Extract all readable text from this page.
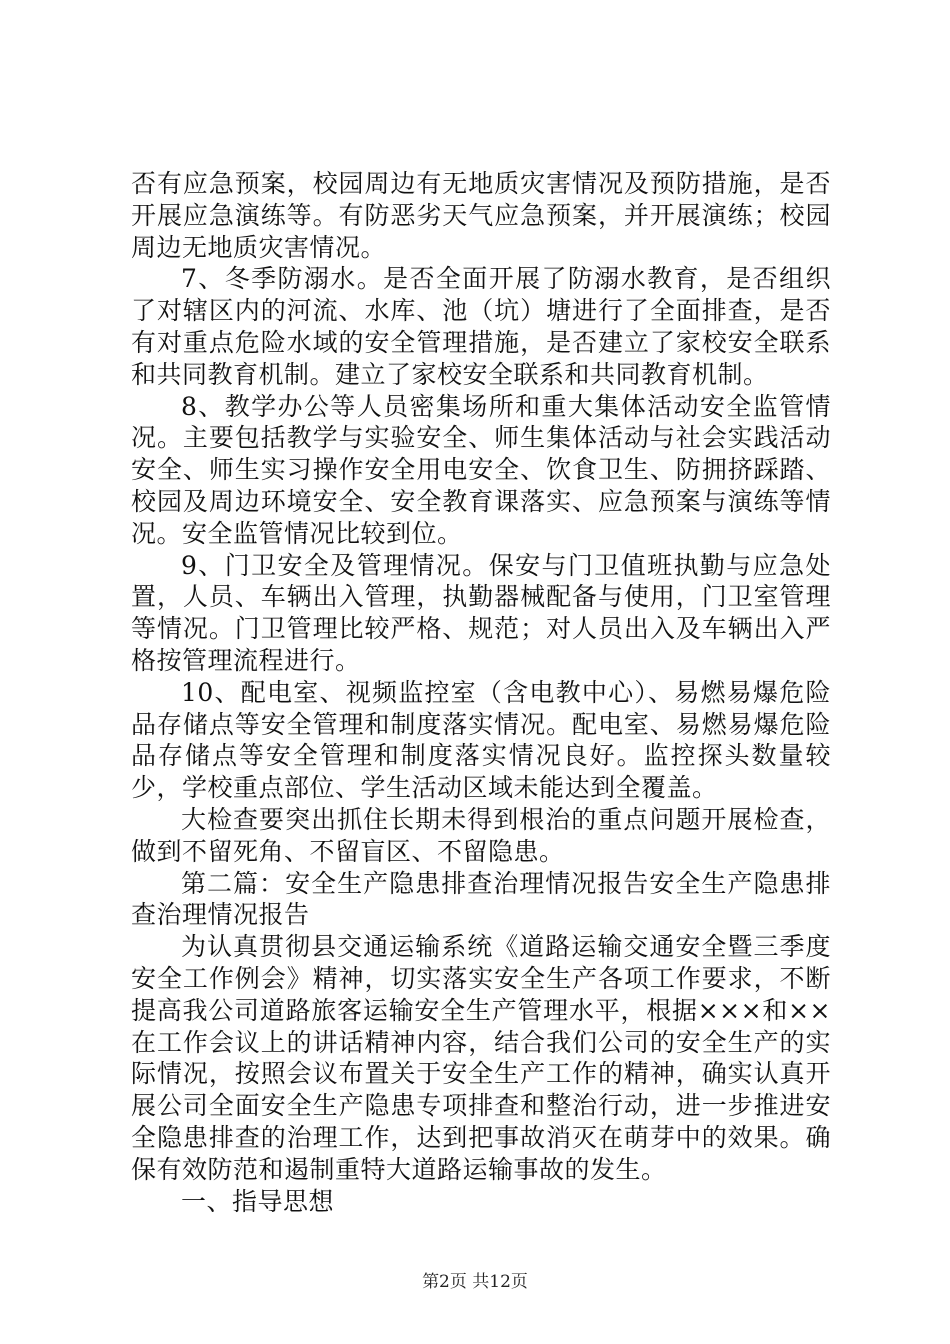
否有应急预案，校园周边有无地质灾害情况及预防措施，是否开展应急演练等。有防恶劣天气应急预案，并开展演练；校园周边无地质灾害情况。

7、冬季防溺水。是否全面开展了防溺水教育，是否组织了对辖区内的河流、水库、池（坑）塘进行了全面排查，是否有对重点危险水域的安全管理措施，是否建立了家校安全联系和共同教育机制。建立了家校安全联系和共同教育机制。

8、教学办公等人员密集场所和重大集体活动安全监管情况。主要包括教学与实验安全、师生集体活动与社会实践活动安全、师生实习操作安全用电安全、饮食卫生、防拥挤踩踏、校园及周边环境安全、安全教育课落实、应急预案与演练等情况。安全监管情况比较到位。

9、门卫安全及管理情况。保安与门卫值班执勤与应急处置，人员、车辆出入管理，执勤器械配备与使用，门卫室管理等情况。门卫管理比较严格、规范；对人员出入及车辆出入严格按管理流程进行。

10、配电室、视频监控室（含电教中心）、易燃易爆危险品存储点等安全管理和制度落实情况。配电室、易燃易爆危险品存储点等安全管理和制度落实情况良好。监控探头数量较少，学校重点部位、学生活动区域未能达到全覆盖。

大检查要突出抓住长期未得到根治的重点问题开展检查，做到不留死角、不留盲区、不留隐患。

第二篇：安全生产隐患排查治理情况报告安全生产隐患排查治理情况报告

为认真贯彻县交通运输系统《道路运输交通安全暨三季度安全工作例会》精神，切实落实安全生产各项工作要求，不断提高我公司道路旅客运输安全生产管理水平，根据×××和××在工作会议上的讲话精神内容，结合我们公司的安全生产的实际情况，按照会议布置关于安全生产工作的精神，确实认真开展公司全面安全生产隐患专项排查和整治行动，进一步推进安全隐患排查的治理工作，达到把事故消灭在萌芽中的效果。确保有效防范和遏制重特大道路运输事故的发生。

一、指导思想

第2页 共12页
